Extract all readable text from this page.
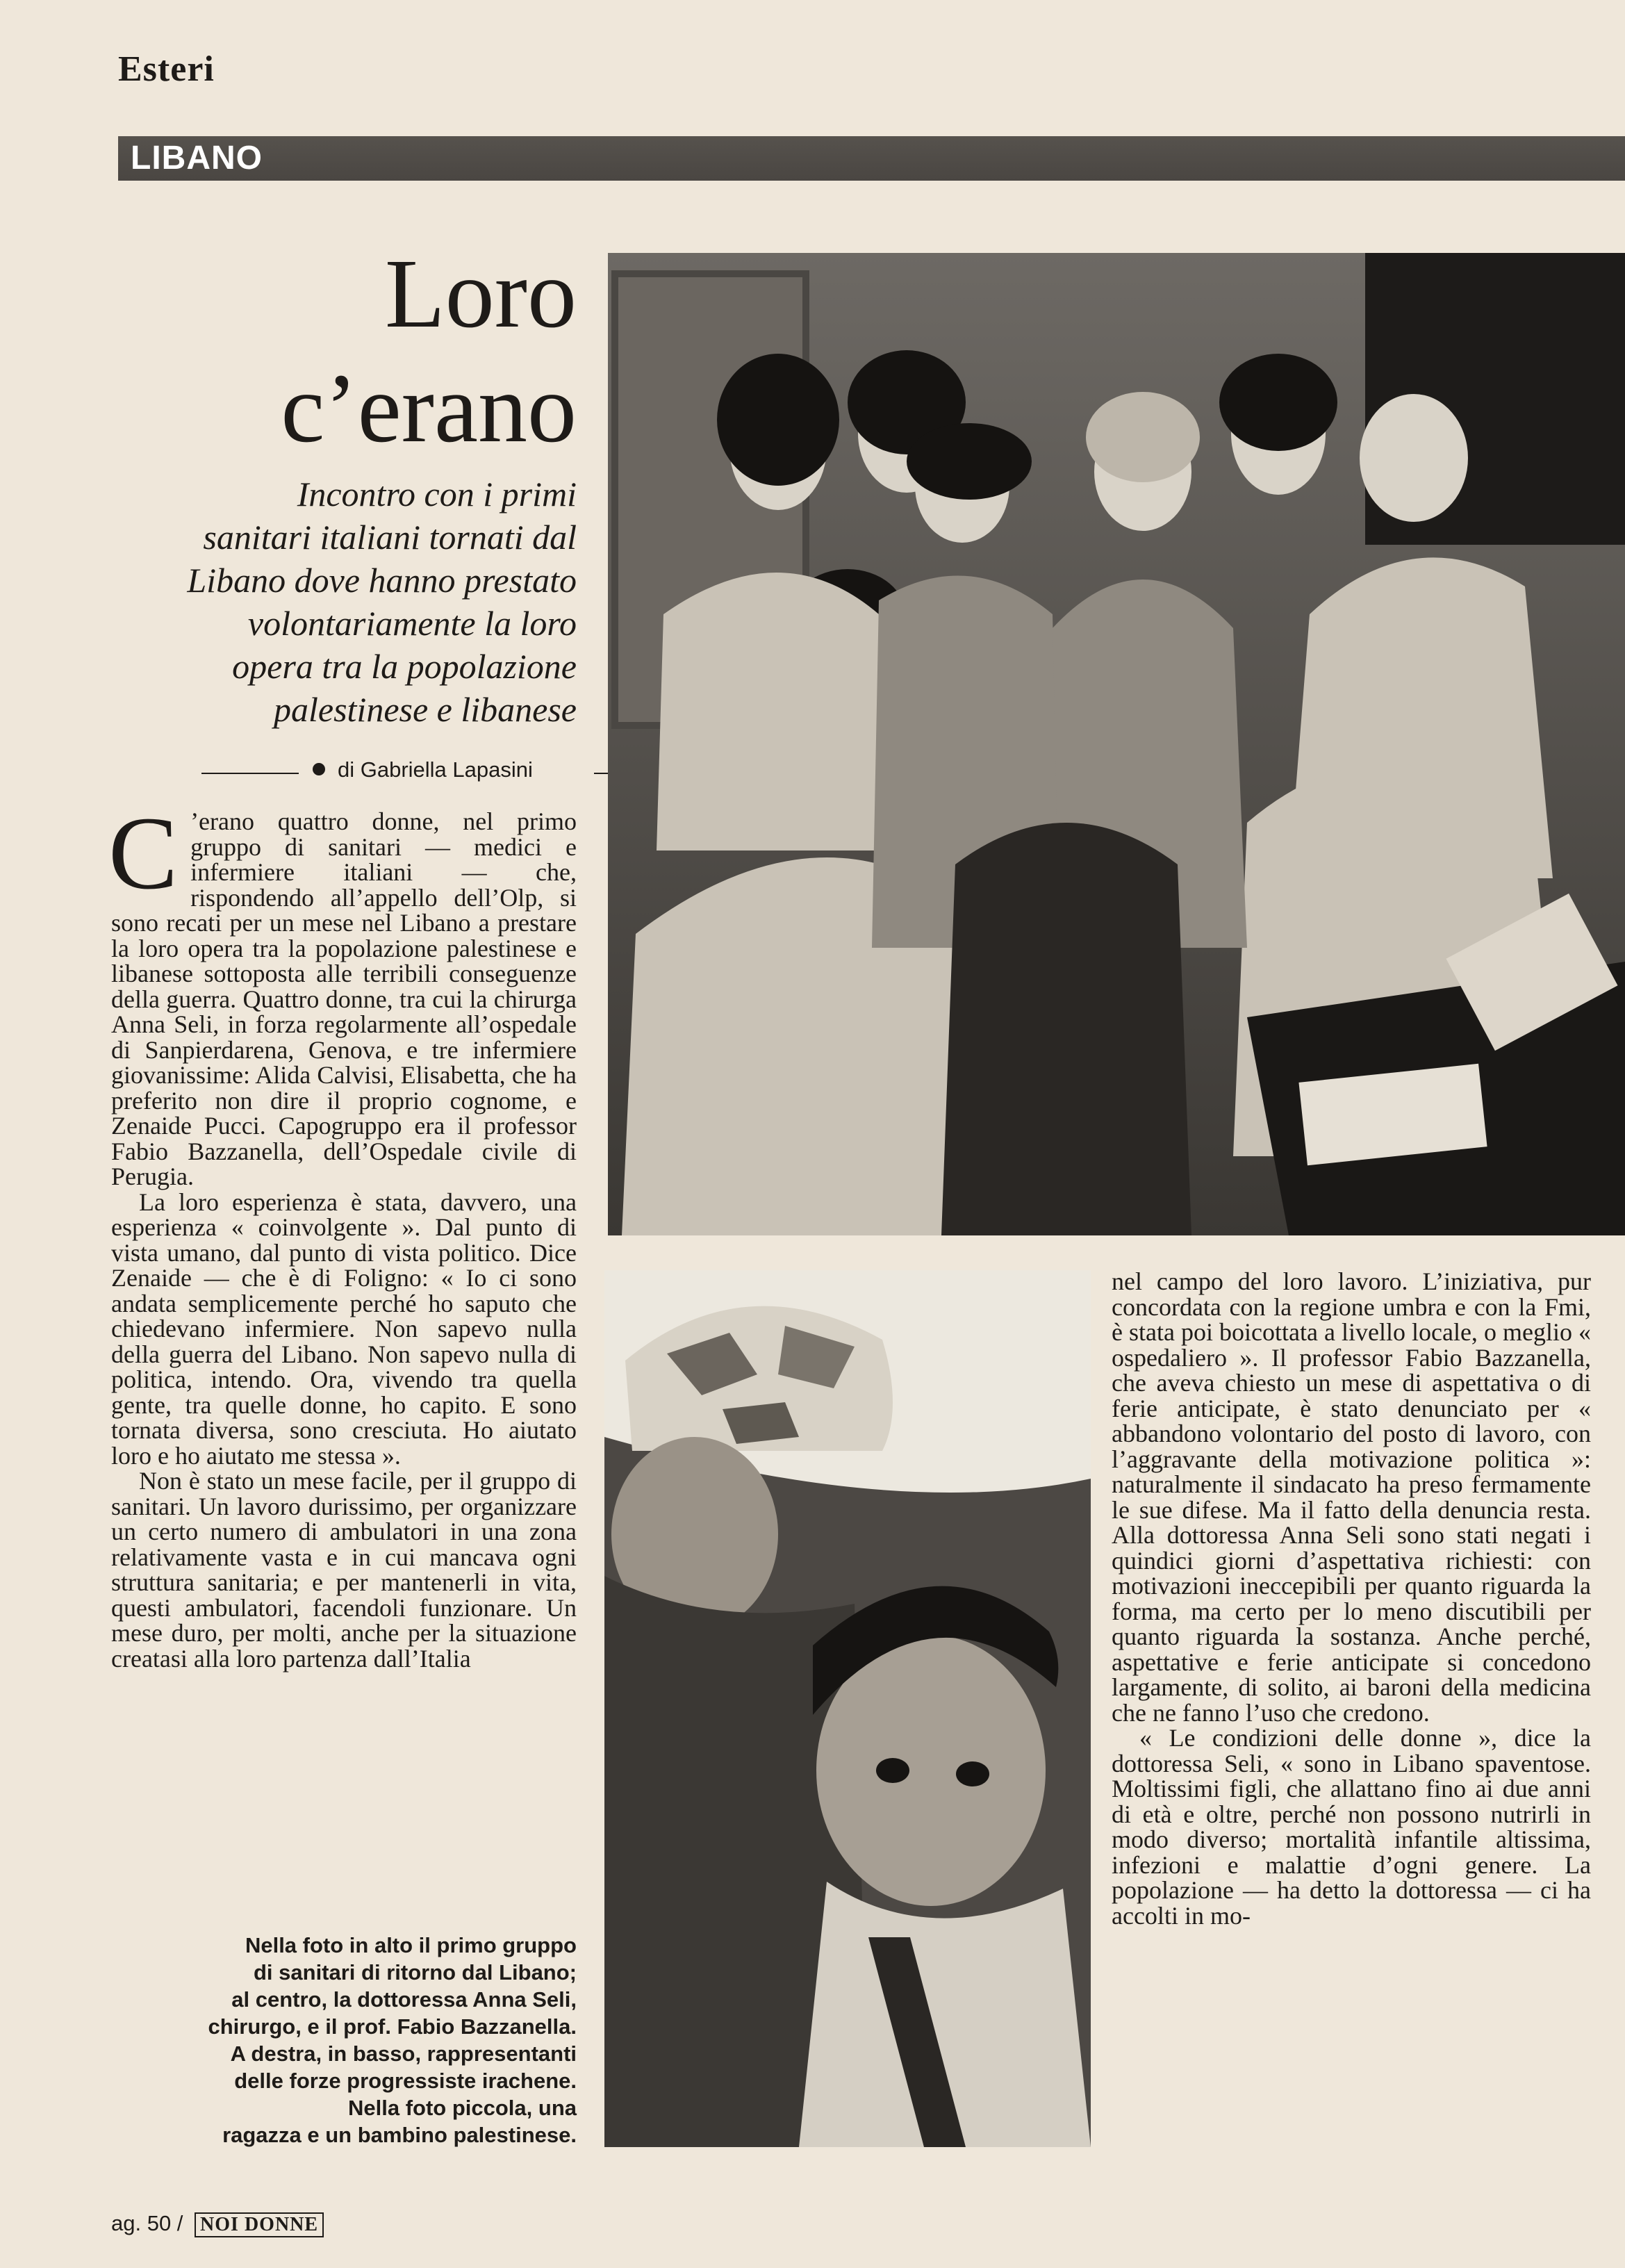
Esteri
LIBANO
Loro
c’erano
Incontro con i primi
sanitari italiani tornati dal
Libano dove hanno prestato
volontariamente la loro
opera tra la popolazione
palestinese e libanese
di Gabriella Lapasini

C ’erano quattro donne, nel primo gruppo di sanitari — medici e infermiere italiani — che, rispondendo all’appello dell’Olp, si sono recati per un mese nel Libano a prestare la loro opera tra la popolazione palestinese e libanese sottoposta alle terribili conseguenze della guerra. Quattro donne, tra cui la chirurga Anna Seli, in forza regolarmente all’ospedale di Sanpierdarena, Genova, e tre infermiere giovanissime: Alida Calvisi, Elisabetta, che ha preferito non dire il proprio cognome, e Zenaide Pucci. Capogruppo era il professor Fabio Bazzanella, dell’Ospedale civile di Perugia.

La loro esperienza è stata, davvero, una esperienza « coinvolgente ». Dal punto di vista umano, dal punto di vista politico. Dice Zenaide — che è di Foligno: « Io ci sono andata semplicemente perché ho saputo che chiedevano infermiere. Non sapevo nulla della guerra del Libano. Non sapevo nulla di politica, intendo. Ora, vivendo tra quella gente, tra quelle donne, ho capito. E sono tornata diversa, sono cresciuta. Ho aiutato loro e ho aiutato me stessa ».

Non è stato un mese facile, per il gruppo di sanitari. Un lavoro durissimo, per organizzare un certo numero di ambulatori in una zona relativamente vasta e in cui mancava ogni struttura sanitaria; e per mantenerli in vita, questi ambulatori, facendoli funzionare. Un mese duro, per molti, anche per la situazione creatasi alla loro partenza dall’Italia

nel campo del loro lavoro. L’iniziativa, pur concordata con la regione umbra e con la Fmi, è stata poi boicottata a livello locale, o meglio « ospedaliero ». Il professor Fabio Bazzanella, che aveva chiesto un mese di aspettativa o di ferie anticipate, è stato denunciato per « abbandono volontario del posto di lavoro, con l’aggravante della motivazione politica »: naturalmente il sindacato ha preso fermamente le sue difese. Ma il fatto della denuncia resta. Alla dottoressa Anna Seli sono stati negati i quindici giorni d’aspettativa richiesti: con motivazioni ineccepibili per quanto riguarda la forma, ma certo per lo meno discutibili per quanto riguarda la sostanza. Anche perché, aspettative e ferie anticipate si concedono largamente, di solito, ai baroni della medicina che ne fanno l’uso che credono.

« Le condizioni delle donne », dice la dottoressa Seli, « sono in Libano spaventose. Moltissimi figli, che allattano fino ai due anni di età e oltre, perché non possono nutrirli in modo diverso; mortalità infantile altissima, infezioni e malattie d’ogni genere. La popolazione — ha detto la dottoressa — ci ha accolti in mo-

Nella foto in alto il primo gruppo

di sanitari di ritorno dal Libano;

al centro, la dottoressa Anna Seli,

chirurgo, e il prof. Fabio Bazzanella.

A destra, in basso, rappresentanti

delle forze progressiste irachene.

Nella foto piccola, una

ragazza e un bambino palestinese.

ag. 50 / NOI DONNE
